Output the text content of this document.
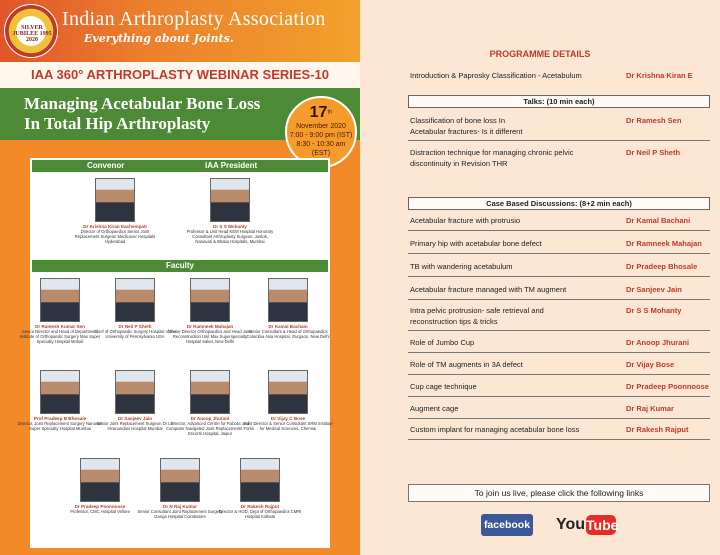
SILVER JUBILEE 1995 2020
Indian Arthroplasty Association
Everything about Joints.
IAA 360° ARTHROPLASTY WEBINAR SERIES-10
Managing Acetabular Bone Loss
In Total Hip Arthroplasty
17th
November 2020
7:00 - 9:00 pm (IST)
8:30 - 10:30 am (EST)
Convenor	IAA President
Dr Krishna Kiran Eachempati
Director of Orthopaedics Senior Joint Replacement Surgeon Medicover Hospitals Hyderabad
Dr S S Mohanty
Professor & Unit Head KEM Hospital Honorary Consultant Arthroplasty Surgeon, Jaslok, Nanavati & Bhatia Hospitals, Mumbai
Faculty
Dr Ramesh Kumar Sen
Senior Director and Head of Department, Institute of Orthopaedic Surgery Max Super Specialty Hospital Mohali
Dr Neil P Sheth
Chief of Orthopaedic Surgery Hospital of the University of Pennsylvania USA
Dr Ramneek Mahajan
Senior Director Orthopaedics and Head Joint Reconstruction Unit Max Superspecialty Hospital Saket, New Delhi
Dr Kamal Bachani
Senior Consultant & Head of Orthopaedics Columbia Asia Hospital, Gurgaon, New Delhi
Prof Pradeep B Bhosale
Director, Joint Replacement Surgery Nanavati Super Specialty Hospital Mumbai
Dr Sanjeev Jain
Senior Joint Replacement Surgeon Dr LH Hiranandani Hospital Mumbai
Dr Anoop Jhurani
Director, Advanced Centre for Robotic and Computer Navigated Joint Replacements Fortis Escorts Hospital, Jaipur
Dr Vijay C Bose
Joint Director & Senior Consultant SRM Institute for Medical Sciences, Chennai
Dr Pradeep Poonnoose
Professor, CMC Hospital Vellore
Dr N Raj Kumar
Senior Consultant Joint Replacement Surgery Ganga Hospital Coimbatore
Dr Rakesh Rajput
Director & HOD, Dept of Orthopaedics CMRI Hospital Kolkata
PROGRAMME DETAILS
Introduction & Paprosky Classification - Acetabulum	Dr Krishna Kiran E
Talks: (10 min each)
Classification of bone loss In
Acetabular fractures- Is it different
Dr Ramesh Sen
Distraction technique for managing chronic pelvic
discontinuity in Revision THR
Dr Neil P Sheth
Case Based Discussions: (8+2 min each)
Acetabular fracture with protrusio	Dr Kamal Bachani
Primary hip with acetabular bone defect	Dr Ramneek Mahajan
TB with wandering acetabulum	Dr Pradeep Bhosale
Acetabular fracture managed with TM augment	Dr Sanjeev Jain
Intra pelvic protrusion- safe retrieval and
reconstruction tips & tricks
Dr S S Mohanty
Role of Jumbo Cup	Dr Anoop Jhurani
Role of TM augments in 3A defect	Dr Vijay Bose
Cup cage technique	Dr Pradeep Poonnoose
Augment cage	Dr Raj Kumar
Custom implant for managing acetabular bone loss	Dr Rakesh Rajput
To join us live, please click the following links
facebook You Tube
